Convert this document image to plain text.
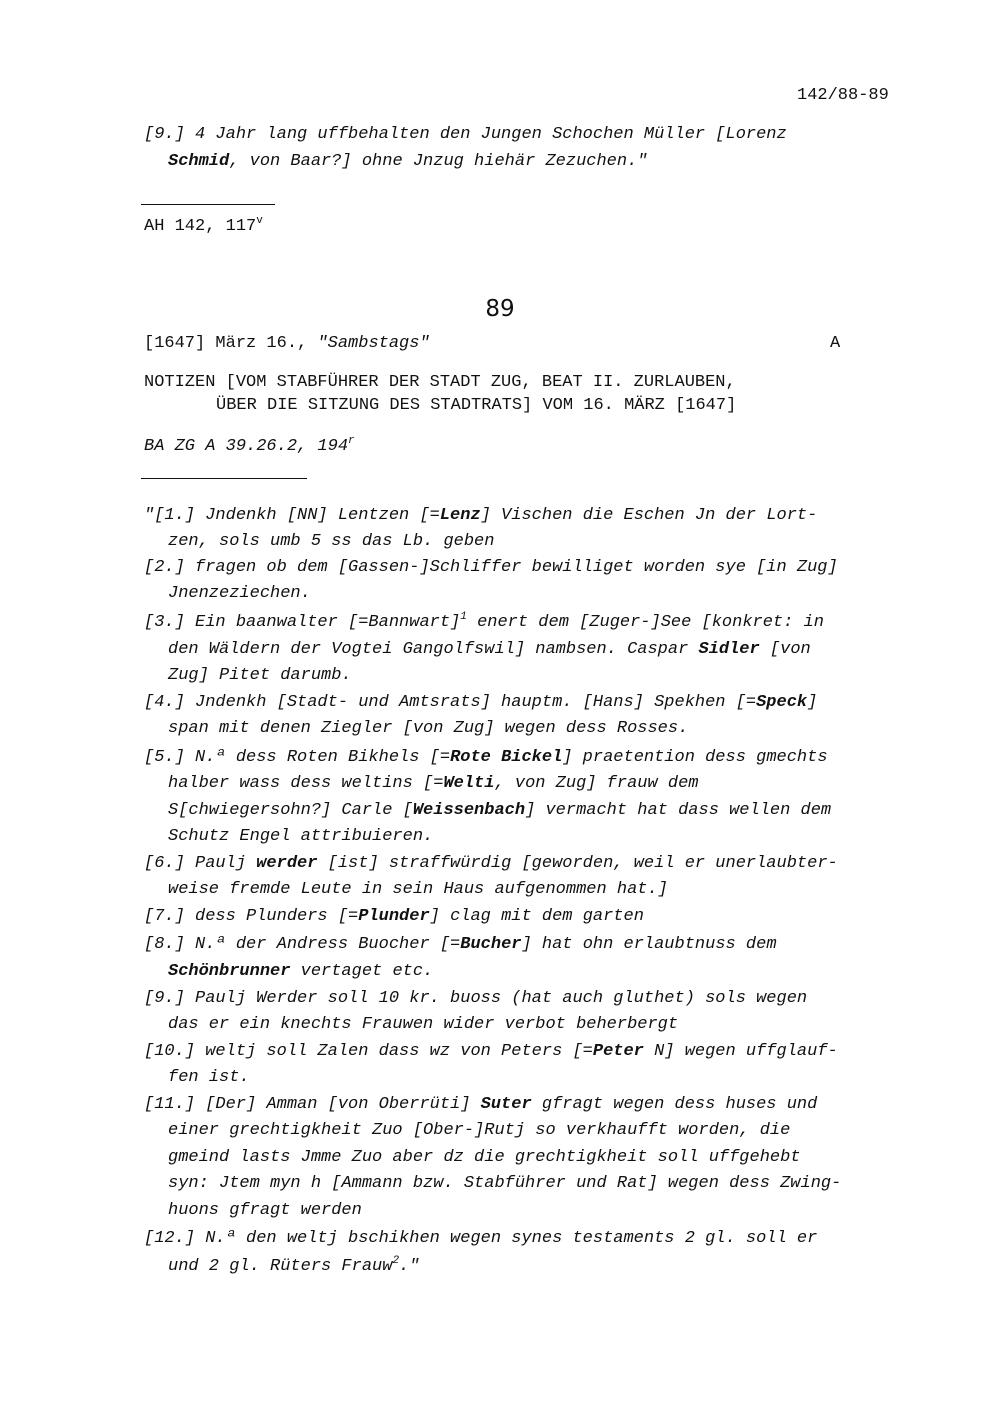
142/88-89
[9.] 4 Jahr lang uffbehalten den Jungen Schochen Müller [Lorenz
Schmid, von Baar?] ohne Jnzug hiehär Zezuchen."
AH 142, 117$^v$
89
[1647] März 16., "Sambstags"	A
NOTIZEN [VOM STABFÜHRER DER STADT ZUG, BEAT II. ZURLAUBEN,
ÜBER DIE SITZUNG DES STADTRATS] VOM 16. MÄRZ [1647]
BA ZG A 39.26.2, 194$^r$
"[1.] Jndenkh [NN] Lentzen [=Lenz] Vischen die Eschen Jn der Lort-
zen, sols umb 5 ss das Lb. geben
[2.] fragen ob dem [Gassen-]Schliffer bewilliget worden sye [in Zug]
Jnenzeziechen.
[3.] Ein baanwalter [=Bannwart]$^1$ enert dem [Zuger-]See [konkret: in
den Wäldern der Vogtei Gangolfswil] nambsen. Caspar Sidler [von
Zug] Pitet darumb.
[4.] Jndenkh [Stadt- und Amtsrats] hauptm. [Hans] Spekhen [=Speck]
span mit denen Ziegler [von Zug] wegen dess Rosses.
[5.] N.ª dess Roten Bikhels [=Rote Bickel] praetention dess gmechts
halber wass dess weltins [=Welti, von Zug] frauw dem
S[chwiegersohn?] Carle [Weissenbach] vermacht hat dass wellen dem
Schutz Engel attribuieren.
[6.] Paulj werder [ist] straffwürdig [geworden, weil er unerlaubter-
weise fremde Leute in sein Haus aufgenommen hat.]
[7.] dess Plunders [=Plunder] clag mit dem garten
[8.] N.ª der Andress Buocher [=Bucher] hat ohn erlaubtnuss dem
Schönbrunner vertaget etc.
[9.] Paulj Werder soll 10 kr. buoss (hat auch gluthet) sols wegen
das er ein knechts Frauwen wider verbot beherbergt
[10.] weltj soll Zalen dass wz von Peters [=Peter N] wegen uffglauf-
fen ist.
[11.] [Der] Amman [von Oberrüti] Suter gfragt wegen dess huses und
einer grechtigkheit Zuo [Ober-]Rutj so verkhaufft worden, die
gmeind lasts Jmme Zuo aber dz die grechtigkheit soll uffgehebt
syn: Jtem myn h [Ammann bzw. Stabführer und Rat] wegen dess Zwing-
huons gfragt werden
[12.] N.ª den weltj bschikhen wegen synes testaments 2 gl. soll er
und 2 gl. Rüters Frauw$^2$."
